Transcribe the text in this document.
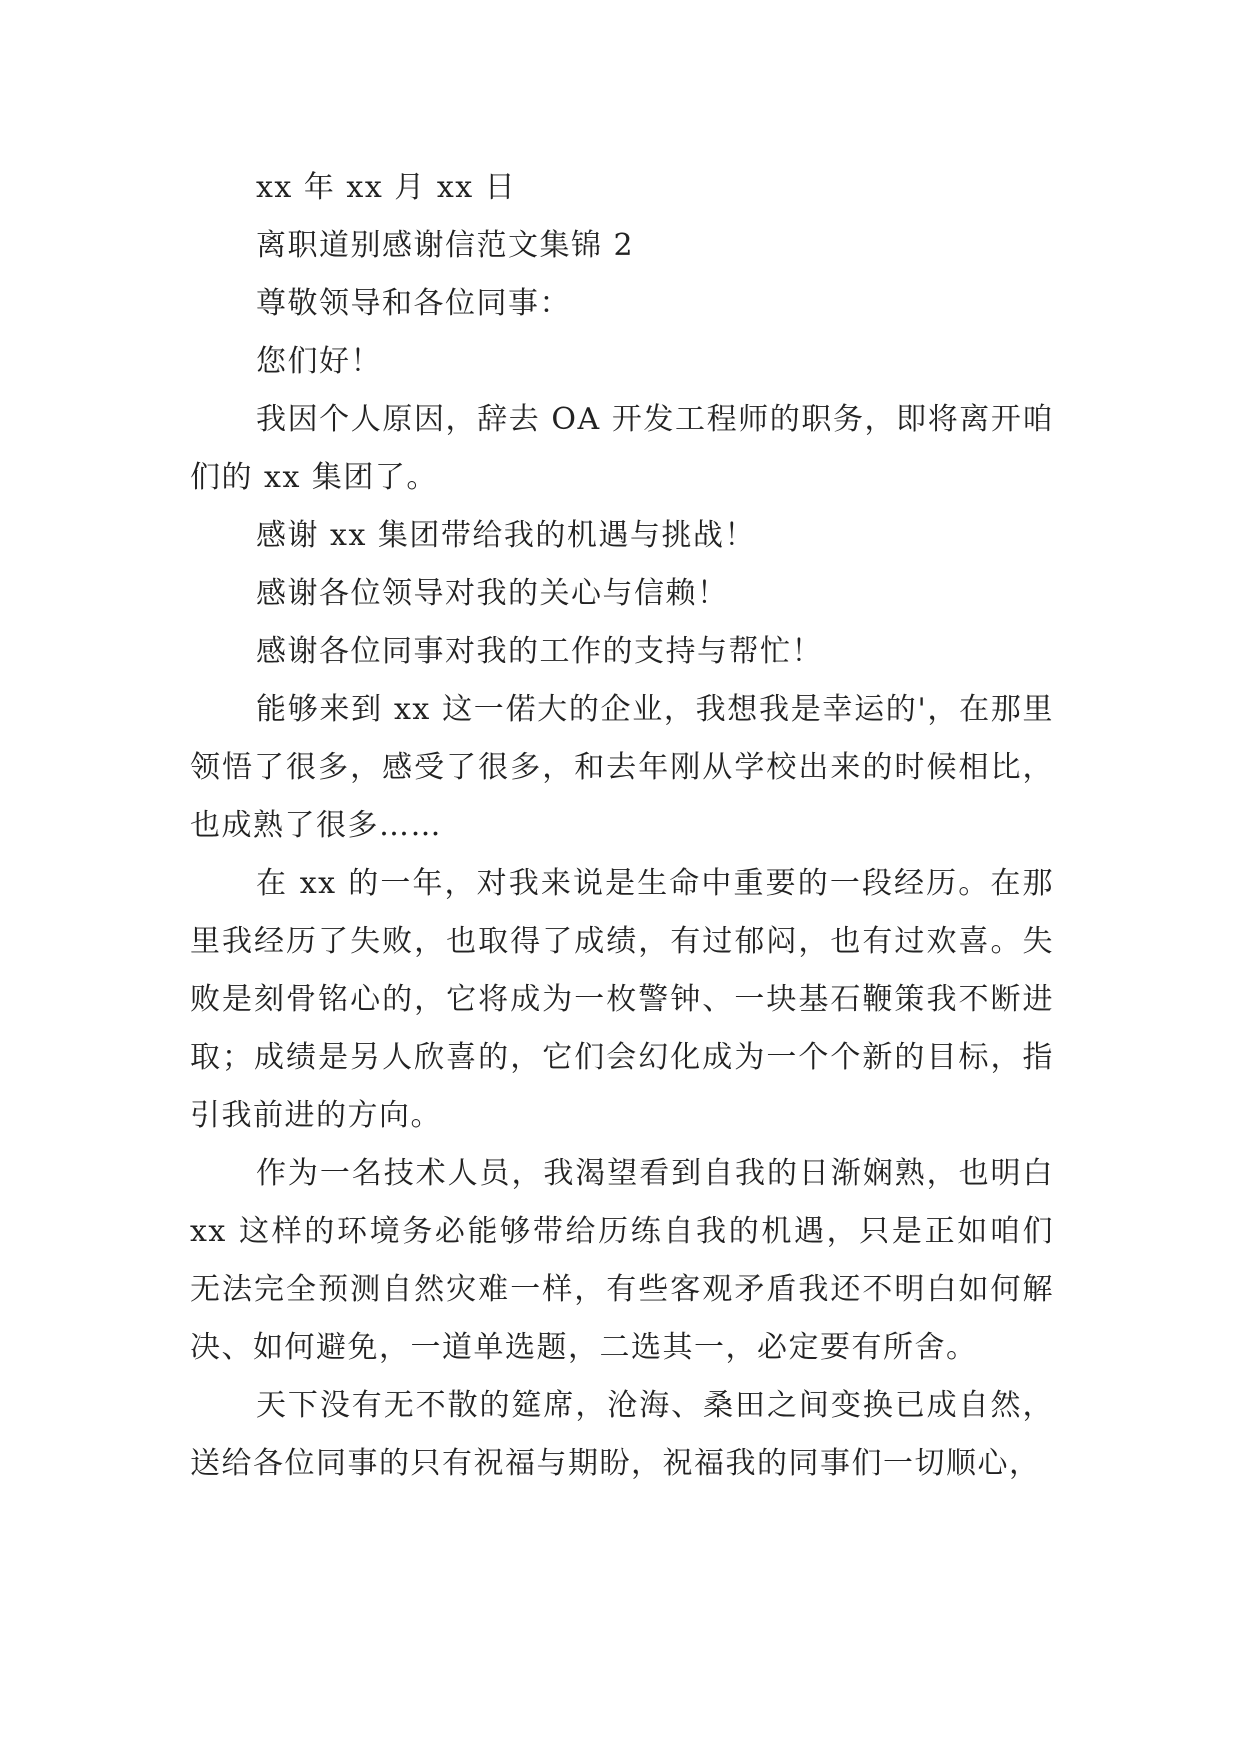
xx 年 xx 月 xx 日

离职道别感谢信范文集锦 2

尊敬领导和各位同事：

您们好！

我因个人原因，辞去 OA 开发工程师的职务，即将离开咱们的 xx 集团了。

感谢 xx 集团带给我的机遇与挑战！

感谢各位领导对我的关心与信赖！

感谢各位同事对我的工作的支持与帮忙！

能够来到 xx 这一偌大的企业，我想我是幸运的'，在那里领悟了很多，感受了很多，和去年刚从学校出来的时候相比，也成熟了很多……

在 xx 的一年，对我来说是生命中重要的一段经历。在那里我经历了失败，也取得了成绩，有过郁闷，也有过欢喜。失败是刻骨铭心的，它将成为一枚警钟、一块基石鞭策我不断进取；成绩是另人欣喜的，它们会幻化成为一个个新的目标，指引我前进的方向。

作为一名技术人员，我渴望看到自我的日渐娴熟，也明白 xx 这样的环境务必能够带给历练自我的机遇，只是正如咱们无法完全预测自然灾难一样，有些客观矛盾我还不明白如何解决、如何避免，一道单选题，二选其一，必定要有所舍。

天下没有无不散的筵席，沧海、桑田之间变换已成自然，送给各位同事的只有祝福与期盼，祝福我的同事们一切顺心，
